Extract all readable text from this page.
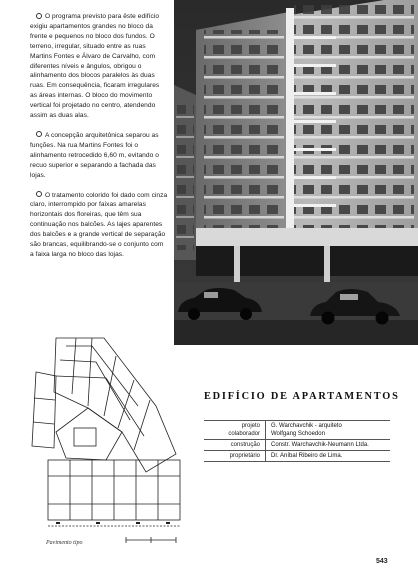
O programa previsto para êste edifício exigiu apartamentos grandes no bloco da frente e pequenos no bloco dos fundos. O terreno, irregular, situado entre as ruas Martins Fontes e Álvaro de Carvalho, com diferentes níveis e ângulos, obrigou o alinhamento dos blocos paralelos às duas ruas. Em consequência, ficaram irregulares as áreas internas. O bloco do movimento vertical foi projetado no centro, atendendo assim as duas alas.

A concepção arquitetônica separou as funções. Na rua Martins Fontes foi o alinhamento retrocedido 6,60 m, evitando o recuo superior e separando a fachada das lojas.

O tratamento colorido foi dado com cinza claro, interrompido por faixas amarelas horizontais dos floreiras, que têm sua continuação nos balcões. As lajes aparentes dos balcões e a grande vertical de separação são brancas, equilibrando-se o conjunto com a faixa larga no bloco das lojas.

Pavimento tipo
EDIFÍCIO DE APARTAMENTOS
projeto
colaborador
G. Warchavchik - arquiteto
Wolfgang Schoedon
construção Constr. Warchavchik-Neumann Ltda.
proprietário Dr. Aníbal Ribeiro de Lima.
543
